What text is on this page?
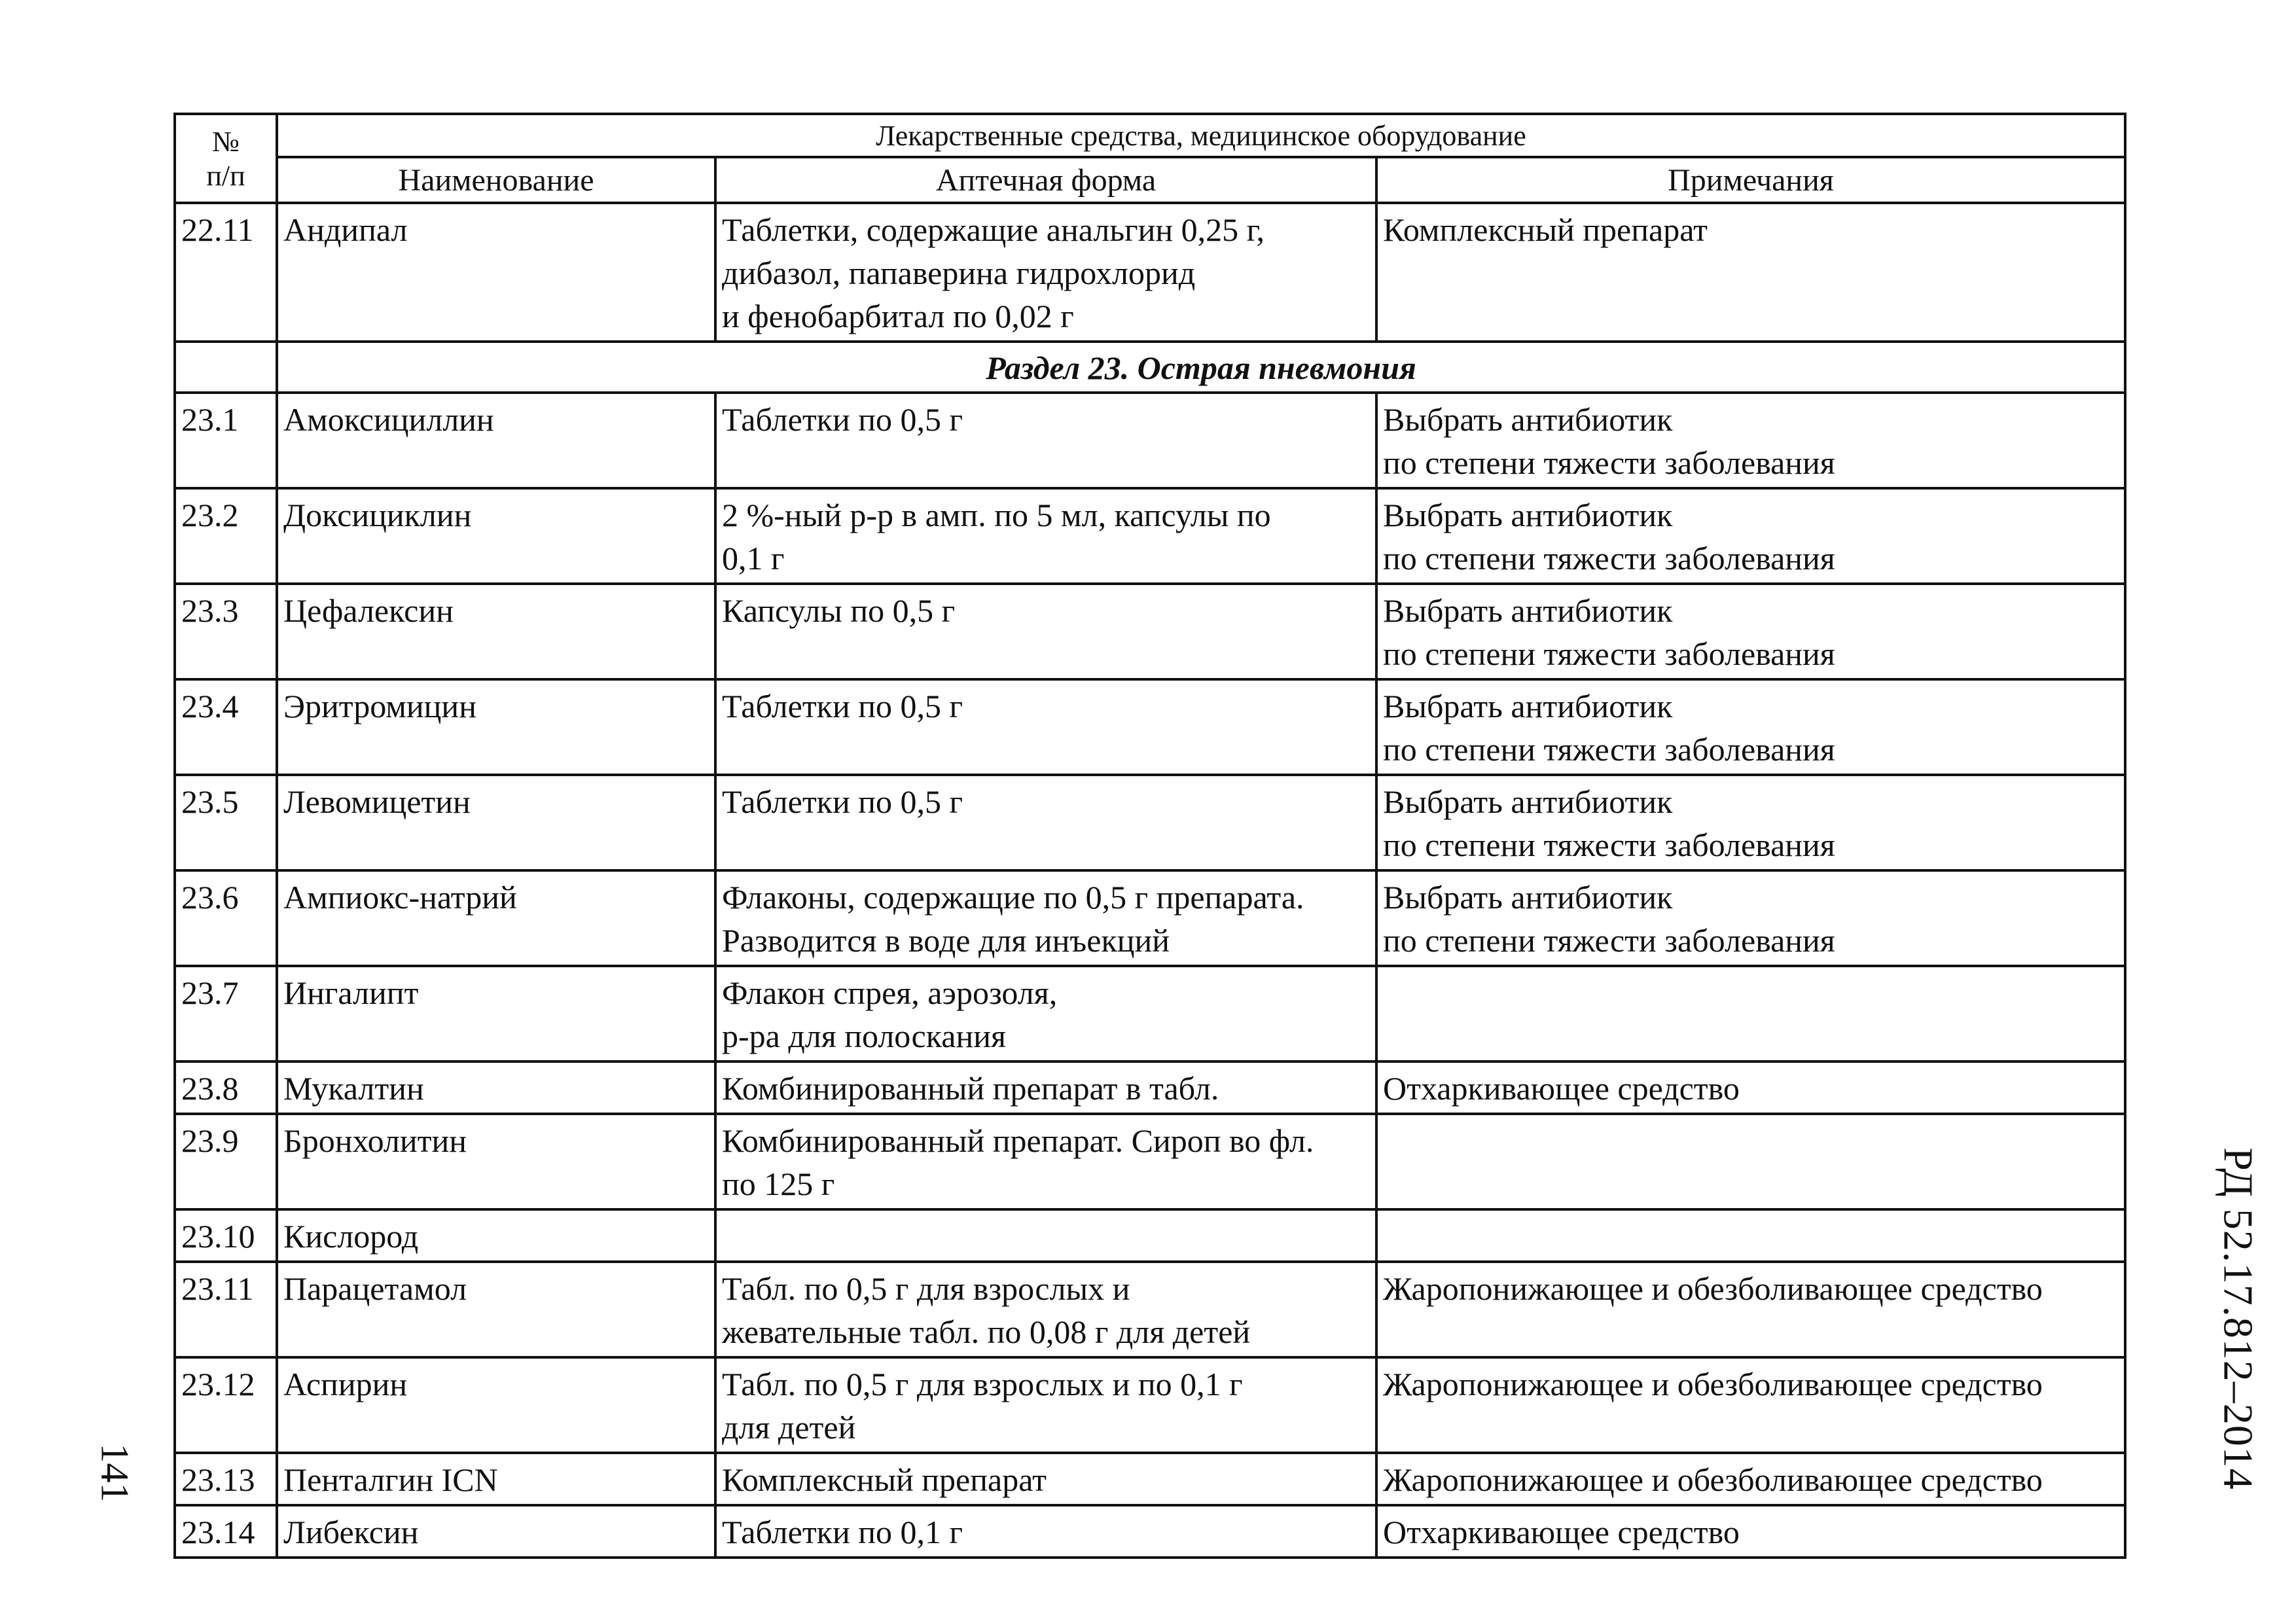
№
п/п	Лекарственные средства, медицинское оборудование		
	Наименование	Аптечная форма	Примечания
22.11	Андипал	Таблетки, содержащие анальгин 0,25 г,
дибазол, папаверина гидрохлорид
и фенобарбитал по 0,02 г	Комплексный препарат
	Раздел 23. Острая пневмония		
23.1	Амоксициллин	Таблетки по 0,5 г	Выбрать антибиотик
по степени тяжести заболевания
23.2	Доксициклин	2 %-ный р-р в амп. по 5 мл, капсулы по
0,1 г	Выбрать антибиотик
по степени тяжести заболевания
23.3	Цефалексин	Капсулы по 0,5 г	Выбрать антибиотик
по степени тяжести заболевания
23.4	Эритромицин	Таблетки по 0,5 г	Выбрать антибиотик
по степени тяжести заболевания
23.5	Левомицетин	Таблетки по 0,5 г	Выбрать антибиотик
по степени тяжести заболевания
23.6	Ампиокс-натрий	Флаконы, содержащие по 0,5 г препарата.
Разводится в воде для инъекций	Выбрать антибиотик
по степени тяжести заболевания
23.7	Ингалипт	Флакон спрея, аэрозоля,
р-ра для полоскания	
23.8	Мукалтин	Комбинированный препарат в табл.	Отхаркивающее средство
23.9	Бронхолитин	Комбинированный препарат. Сироп во фл.
по 125 г	
23.10	Кислород		
23.11	Парацетамол	Табл. по 0,5 г для взрослых и
жевательные табл. по 0,08 г для детей	Жаропонижающее и обезболивающее средство
23.12	Аспирин	Табл. по 0,5 г для взрослых и по 0,1 г
для детей	Жаропонижающее и обезболивающее средство
23.13	Пенталгин ICN	Комплексный препарат	Жаропонижающее и обезболивающее средство
23.14	Либексин	Таблетки по 0,1 г	Отхаркивающее средство
РД 52.17.812–2014
141
